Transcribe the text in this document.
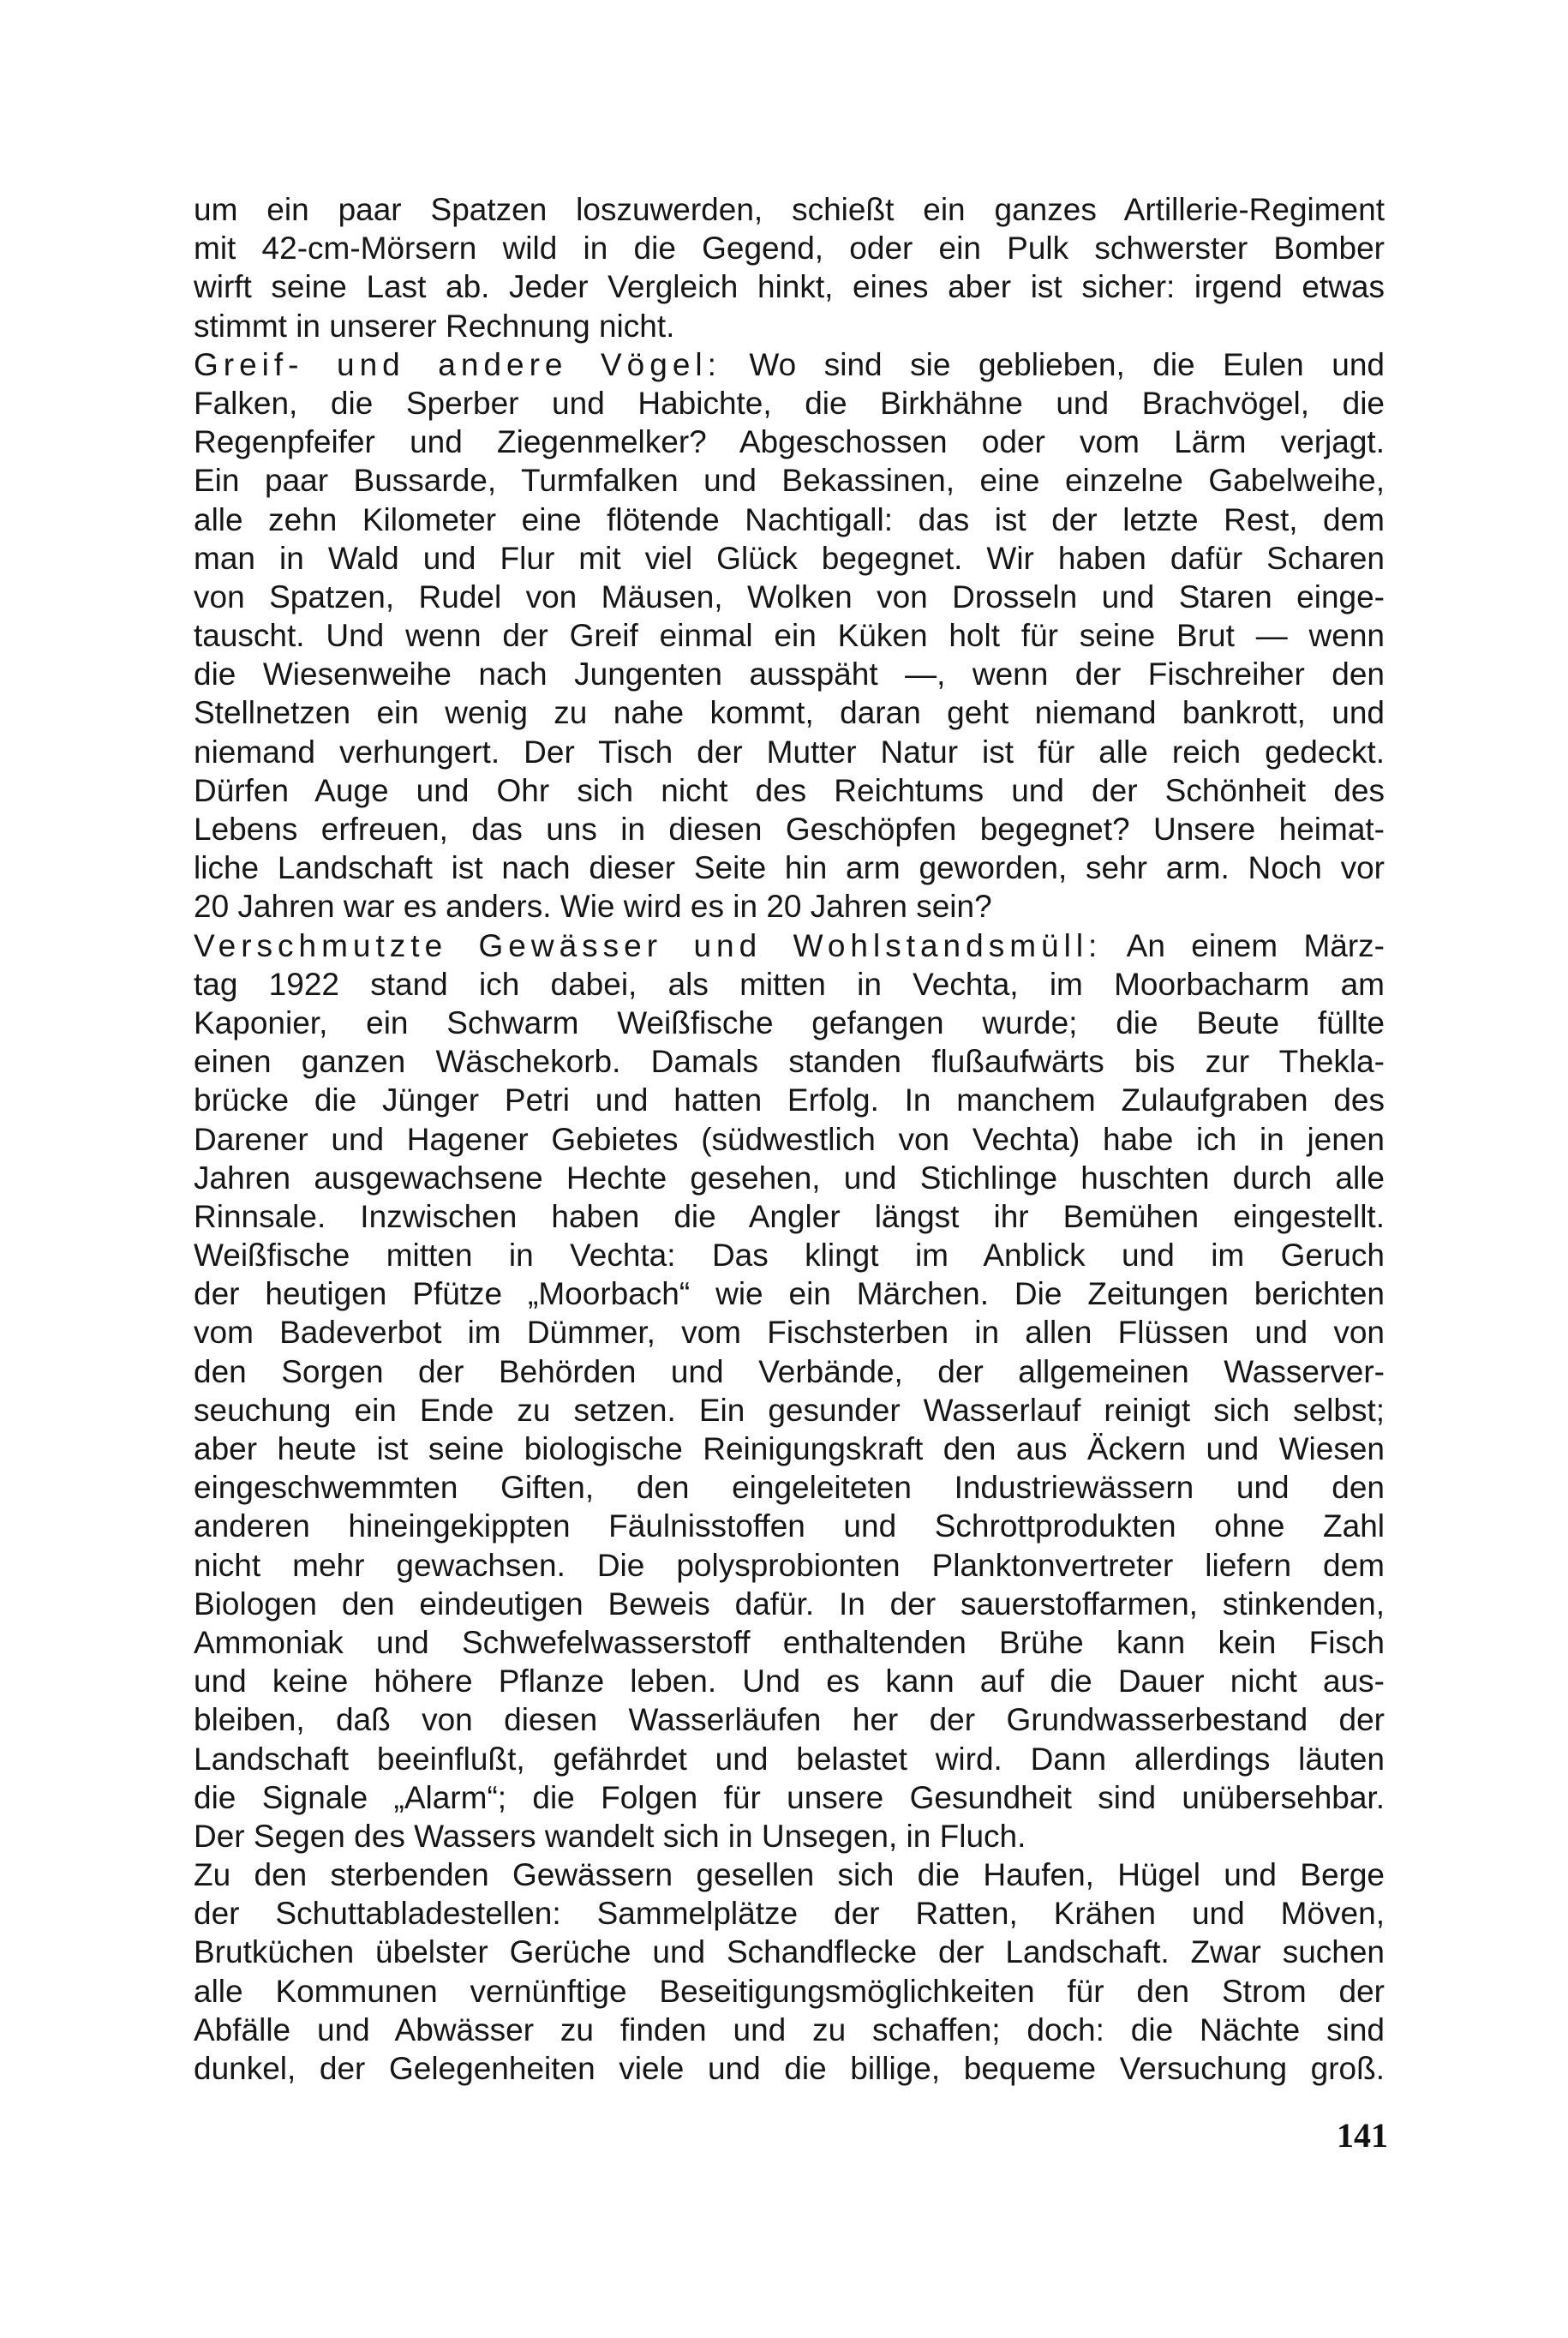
um ein paar Spatzen loszuwerden, schießt ein ganzes Artillerie-Regiment
mit 42-cm-Mörsern wild in die Gegend, oder ein Pulk schwerster Bomber
wirft seine Last ab. Jeder Vergleich hinkt, eines aber ist sicher: irgend etwas
stimmt in unserer Rechnung nicht.
Greif- und andere Vögel: Wo sind sie geblieben, die Eulen und
Falken, die Sperber und Habichte, die Birkhähne und Brachvögel, die
Regenpfeifer und Ziegenmelker? Abgeschossen oder vom Lärm verjagt.
Ein paar Bussarde, Turmfalken und Bekassinen, eine einzelne Gabelweihe,
alle zehn Kilometer eine flötende Nachtigall: das ist der letzte Rest, dem
man in Wald und Flur mit viel Glück begegnet. Wir haben dafür Scharen
von Spatzen, Rudel von Mäusen, Wolken von Drosseln und Staren einge-
tauscht. Und wenn der Greif einmal ein Küken holt für seine Brut — wenn
die Wiesenweihe nach Jungenten ausspäht —, wenn der Fischreiher den
Stellnetzen ein wenig zu nahe kommt, daran geht niemand bankrott, und
niemand verhungert. Der Tisch der Mutter Natur ist für alle reich gedeckt.
Dürfen Auge und Ohr sich nicht des Reichtums und der Schönheit des
Lebens erfreuen, das uns in diesen Geschöpfen begegnet? Unsere heimat-
liche Landschaft ist nach dieser Seite hin arm geworden, sehr arm. Noch vor
20 Jahren war es anders. Wie wird es in 20 Jahren sein?
Verschmutzte Gewässer und Wohlstandsmüll: An einem März-
tag 1922 stand ich dabei, als mitten in Vechta, im Moorbacharm am
Kaponier, ein Schwarm Weißfische gefangen wurde; die Beute füllte
einen ganzen Wäschekorb. Damals standen flußaufwärts bis zur Thekla-
brücke die Jünger Petri und hatten Erfolg. In manchem Zulaufgraben des
Darener und Hagener Gebietes (südwestlich von Vechta) habe ich in jenen
Jahren ausgewachsene Hechte gesehen, und Stichlinge huschten durch alle
Rinnsale. Inzwischen haben die Angler längst ihr Bemühen eingestellt.
Weißfische mitten in Vechta: Das klingt im Anblick und im Geruch
der heutigen Pfütze „Moorbach“ wie ein Märchen. Die Zeitungen berichten
vom Badeverbot im Dümmer, vom Fischsterben in allen Flüssen und von
den Sorgen der Behörden und Verbände, der allgemeinen Wasserver-
seuchung ein Ende zu setzen. Ein gesunder Wasserlauf reinigt sich selbst;
aber heute ist seine biologische Reinigungskraft den aus Äckern und Wiesen
eingeschwemmten Giften, den eingeleiteten Industriewässern und den
anderen hineingekippten Fäulnisstoffen und Schrottprodukten ohne Zahl
nicht mehr gewachsen. Die polysprobionten Planktonvertreter liefern dem
Biologen den eindeutigen Beweis dafür. In der sauerstoffarmen, stinkenden,
Ammoniak und Schwefelwasserstoff enthaltenden Brühe kann kein Fisch
und keine höhere Pflanze leben. Und es kann auf die Dauer nicht aus-
bleiben, daß von diesen Wasserläufen her der Grundwasserbestand der
Landschaft beeinflußt, gefährdet und belastet wird. Dann allerdings läuten
die Signale „Alarm“; die Folgen für unsere Gesundheit sind unübersehbar.
Der Segen des Wassers wandelt sich in Unsegen, in Fluch.
Zu den sterbenden Gewässern gesellen sich die Haufen, Hügel und Berge
der Schuttabladestellen: Sammelplätze der Ratten, Krähen und Möven,
Brutküchen übelster Gerüche und Schandflecke der Landschaft. Zwar suchen
alle Kommunen vernünftige Beseitigungsmöglichkeiten für den Strom der
Abfälle und Abwässer zu finden und zu schaffen; doch: die Nächte sind
dunkel, der Gelegenheiten viele und die billige, bequeme Versuchung groß.
141
